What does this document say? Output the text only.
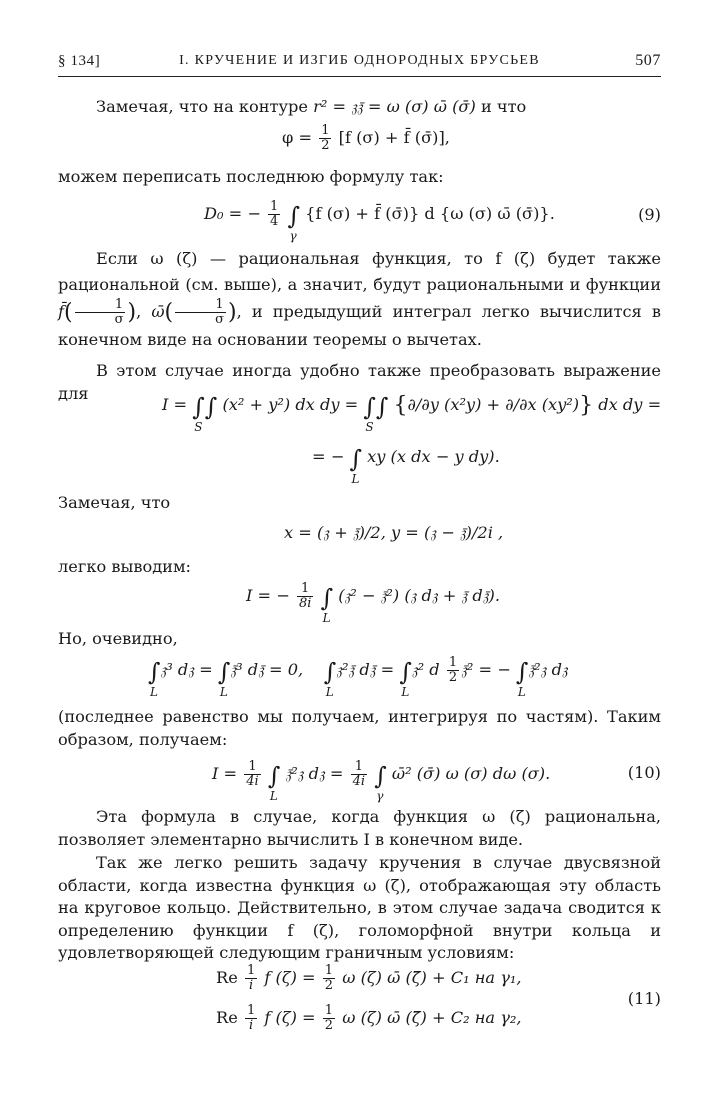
§ 134]	I. КРУЧЕНИЕ И ИЗГИБ ОДНОРОДНЫХ БРУСЬЕВ	507
Замечая, что на контуре r² = 𝔷𝔷̄ = ω (σ) ω̄ (σ̄) и что
$\varphi = \frac{1}{2} [f$ (σ) + f̄ (σ̄)],
можем переписать последнюю формулу так:
D₀ = − $\frac{1}{4}$ ∫
γ
{f (σ) + f̄ (σ̄)} d {ω (σ) ω̄ (σ̄)}.	(9)
Если ω (ζ) — рациональная функция, то f (ζ) будет также рациональной (см. выше), а значит, будут рациональными и функции f̄( $\frac{1}{\sigma}$ ), ω̄( $\frac{1}{\sigma}$ ), и предыдущий интеграл легко вычислится в конечном виде на основании теоремы о вычетах.
В этом случае иногда удобно также преобразовать выражение для
I = ∫∫
S
(x² + y²) dx dy = ∫∫
S
{∂/∂y (x²y) + ∂/∂x (xy²)} dx dy =
= − ∫
L
xy (x dx − y dy).
Замечая, что
x = (𝔷 + 𝔷̄)/2, y = (𝔷 − 𝔷̄)/2i ,
легко выводим:
I = − $\frac{1}{8i}$ ∫
L
(𝔷² − 𝔷̄²) (𝔷 d𝔷 + 𝔷̄ d𝔷̄).
Но, очевидно,
∫
L
𝔷³ d𝔷 = ∫
L
𝔷̄³ d𝔷̄ = 0, ∫
L
𝔷²𝔷̄ d𝔷̄ = ∫
L
𝔷² d $\frac{1}{2}$ 𝔷̄² = − ∫
L
𝔷̄²𝔷 d𝔷
(последнее равенство мы получаем, интегрируя по частям). Таким образом, получаем:
$I = \frac{1}{4i}$ ∫
L
𝔷̄²𝔷 d𝔷 = $\frac{1}{4i}$ ∫
γ
ω̄² (σ̄) ω (σ) dω (σ).	(10)
Эта формула в случае, когда функция ω (ζ) рациональна, позволяет элементарно вычислить I в конечном виде.
Так же легко решить задачу кручения в случае двусвязной области, когда известна функция ω (ζ), отображающая эту область на круговое кольцо. Действительно, в этом случае задача сводится к определению функции f (ζ), голоморфной внутри кольца и удовлетворяющей следующим граничным условиям:
Re $\frac{1}{i}$ f $(\zeta) = \frac{1}{2}$ ω (ζ) ω̄ (ζ̄) + C₁ на γ₁,
Re $\frac{1}{i}$ f $(\zeta) = \frac{1}{2}$ ω (ζ) ω̄ (ζ̄) + C₂ на γ₂,
(11)
